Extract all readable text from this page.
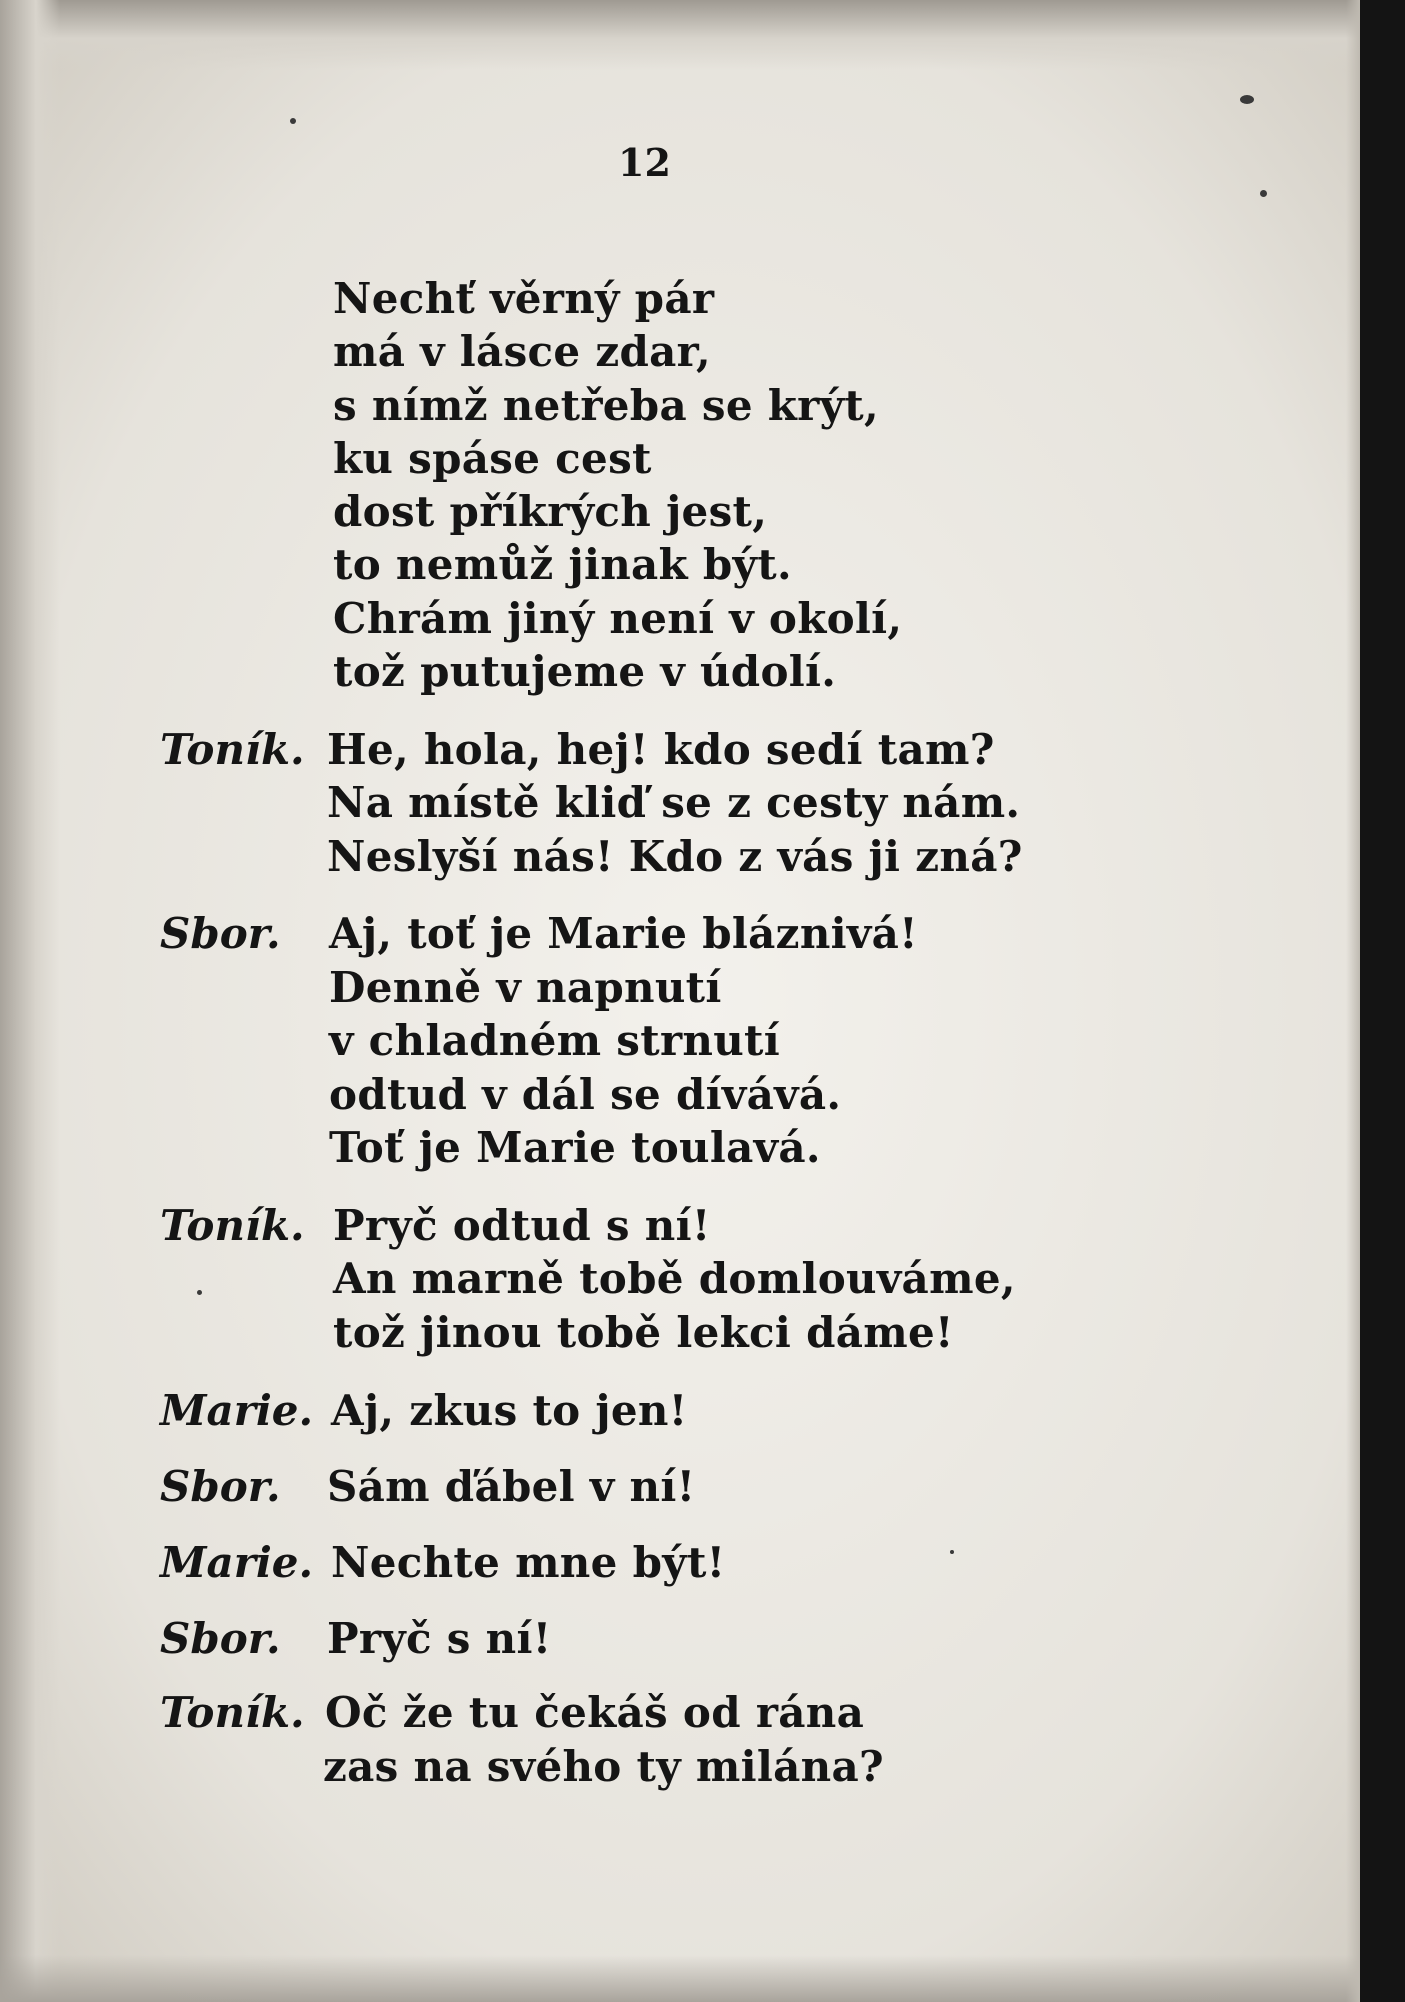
12
Nechť věrný pár
má v lásce zdar,
s nímž netřeba se krýt,
ku spáse cest
dost příkrých jest,
to nemůž jinak být.
Chrám jiný není v okolí,
tož putujeme v údolí.
Toník. He, hola, hej! kdo sedí tam?
Na místě kliď se z cesty nám.
Neslyší nás! Kdo z vás ji zná?
Sbor. Aj, toť je Marie bláznivá!
Denně v napnutí
v chladném strnutí
odtud v dál se dívává.
Toť je Marie toulavá.
Toník. Pryč odtud s ní!
An marně tobě domlouváme,
tož jinou tobě lekci dáme!
Marie. Aj, zkus to jen!
Sbor. Sám ďábel v ní!
Marie. Nechte mne být!
Sbor. Pryč s ní!
Toník. Oč že tu čekáš od rána
zas na svého ty milána?
